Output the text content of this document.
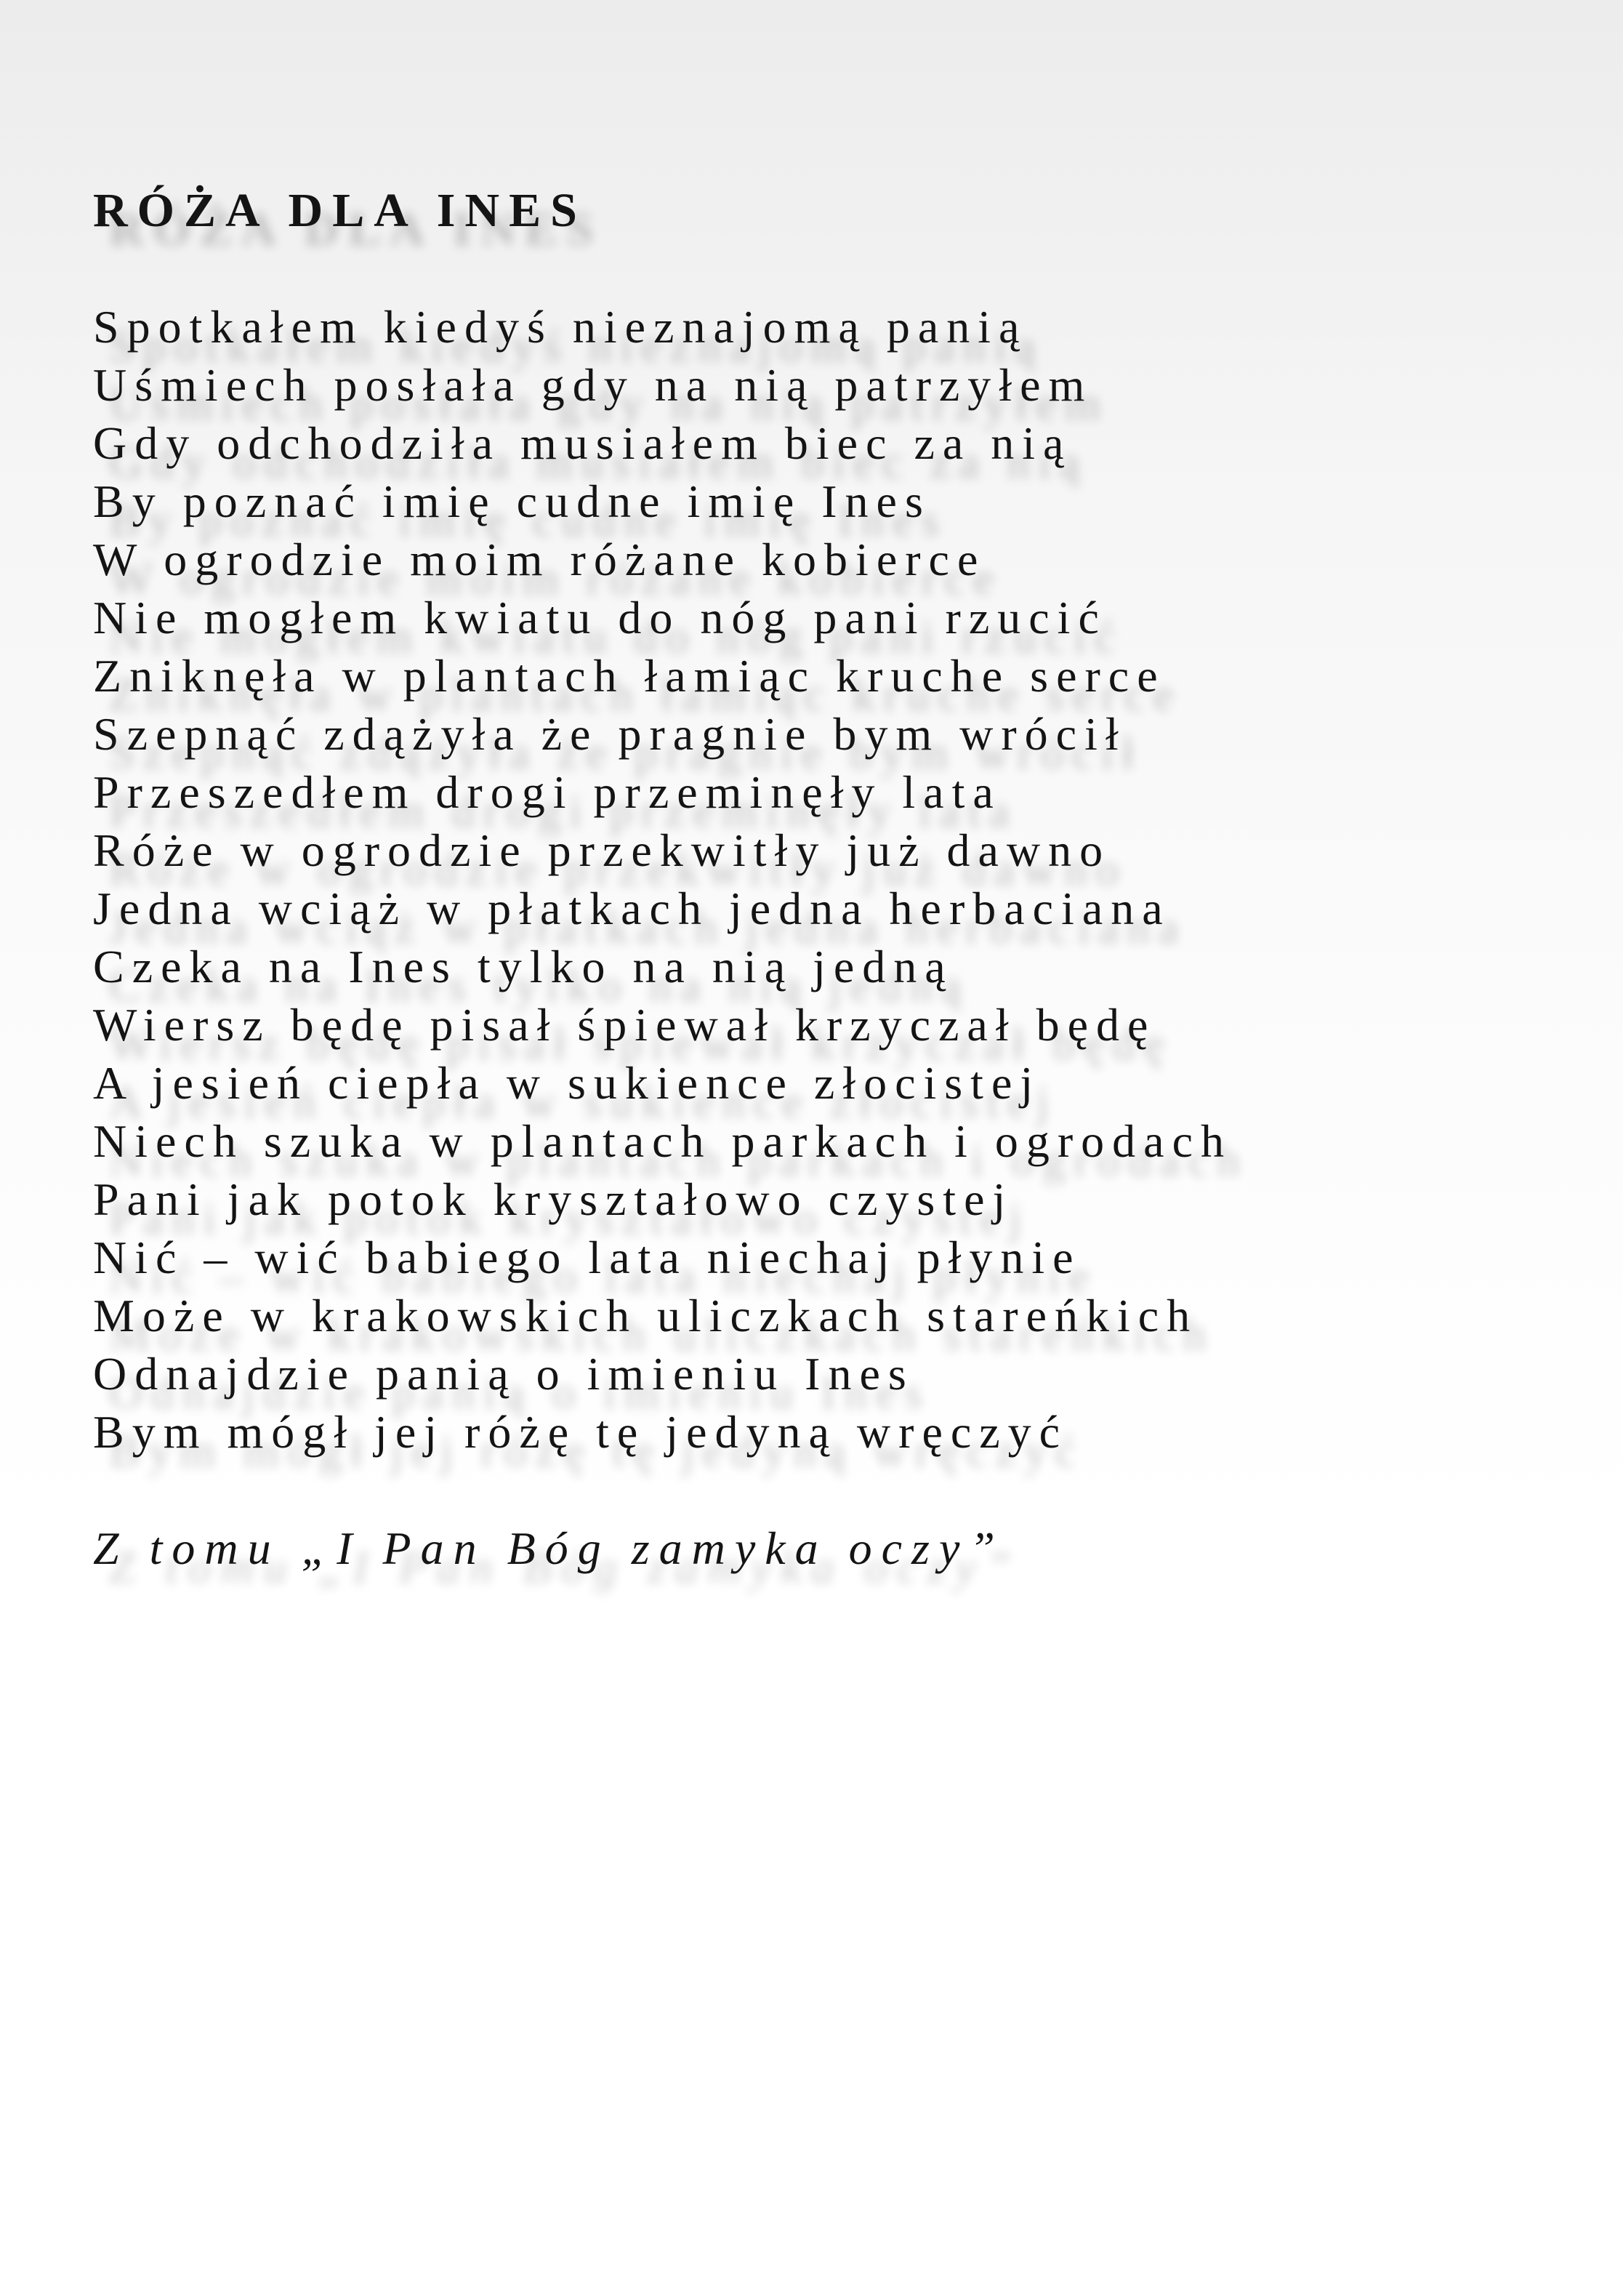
RÓŻA DLA INES
Spotkałem kiedyś nieznajomą panią
Uśmiech posłała gdy na nią patrzyłem
Gdy odchodziła musiałem biec za nią
By poznać imię cudne imię Ines
W ogrodzie moim różane kobierce
Nie mogłem kwiatu do nóg pani rzucić
Zniknęła w plantach łamiąc kruche serce
Szepnąć zdążyła że pragnie bym wrócił
Przeszedłem drogi przeminęły lata
Róże w ogrodzie przekwitły już dawno
Jedna wciąż w płatkach jedna herbaciana
Czeka na Ines tylko na nią jedną
Wiersz będę pisał śpiewał krzyczał będę
A jesień ciepła w sukience złocistej
Niech szuka w plantach parkach i ogrodach
Pani jak potok kryształowo czystej
Nić – wić babiego lata niechaj płynie
Może w krakowskich uliczkach stareńkich
Odnajdzie panią o imieniu Ines
Bym mógł jej różę tę jedyną wręczyć

Z tomu „I Pan Bóg zamyka oczy”
